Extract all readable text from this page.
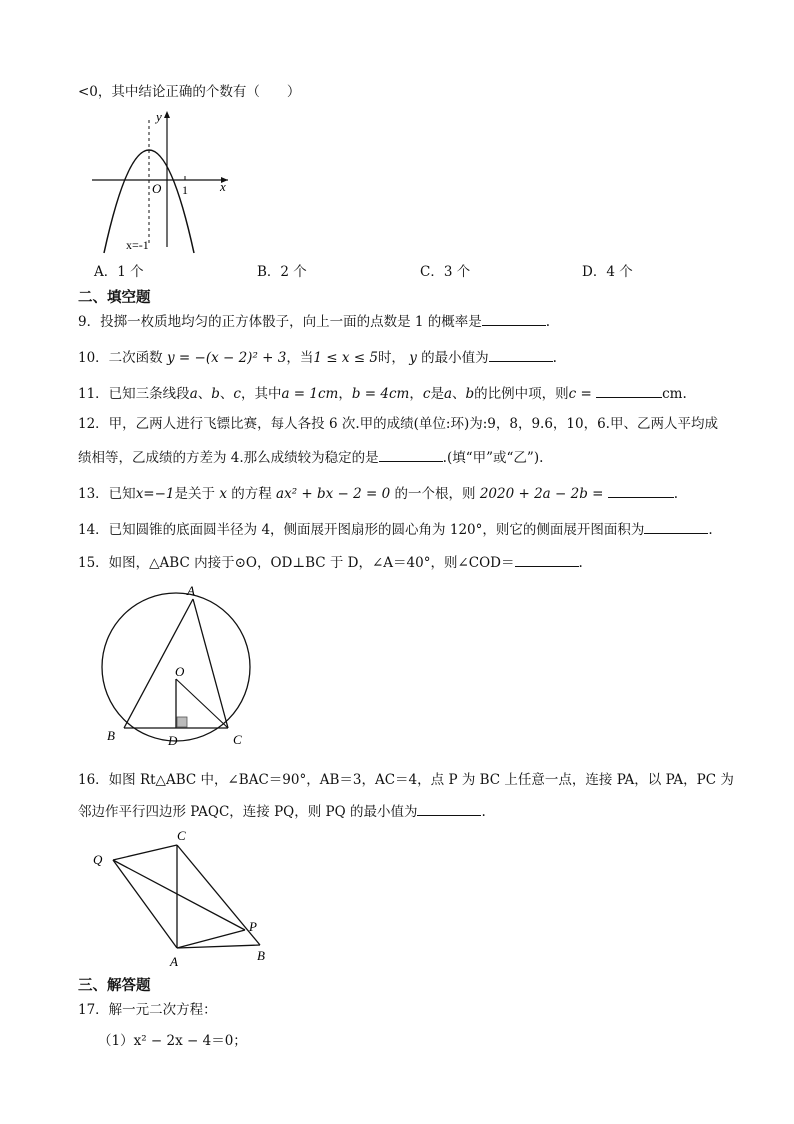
<0，其中结论正确的个数有（　　）
y
x
O 1
x=-1
A．1 个	B．2 个	C．3 个	D．4 个
二、填空题
9．投掷一枚质地均匀的正方体骰子，向上一面的点数是 1 的概率是	.
10．二次函数 y = −(x − 2)² + 3，当1 ≤ x ≤ 5时， y 的最小值为	.
11．已知三条线段a、b、c，其中a = 1cm，b = 4cm，c是a、b的比例中项，则c =	cm.
12．甲，乙两人进行飞镖比赛，每人各投 6 次.甲的成绩(单位:环)为:9，8，9.6，10，6.甲、乙两人平均成
绩相等，乙成绩的方差为 4.那么成绩较为稳定的是	.(填“甲”或“乙”).
13．已知x=−1是关于 x 的方程 ax² + bx − 2 = 0 的一个根，则 2020 + 2a − 2b =	.
14．已知圆锥的底面圆半径为 4，侧面展开图扇形的圆心角为 120°，则它的侧面展开图面积为	.
15．如图，△ABC 内接于⊙O，OD⊥BC 于 D，∠A＝40°，则∠COD＝	.
A
O
B	D	C
16．如图 Rt△ABC 中，∠BAC＝90°，AB＝3，AC＝4，点 P 为 BC 上任意一点，连接 PA，以 PA，PC 为
邻边作平行四边形 PAQC，连接 PQ，则 PQ 的最小值为	.
Q
C
P
A	B
三、解答题
17．解一元二次方程：
（1）x² − 2x − 4＝0；
